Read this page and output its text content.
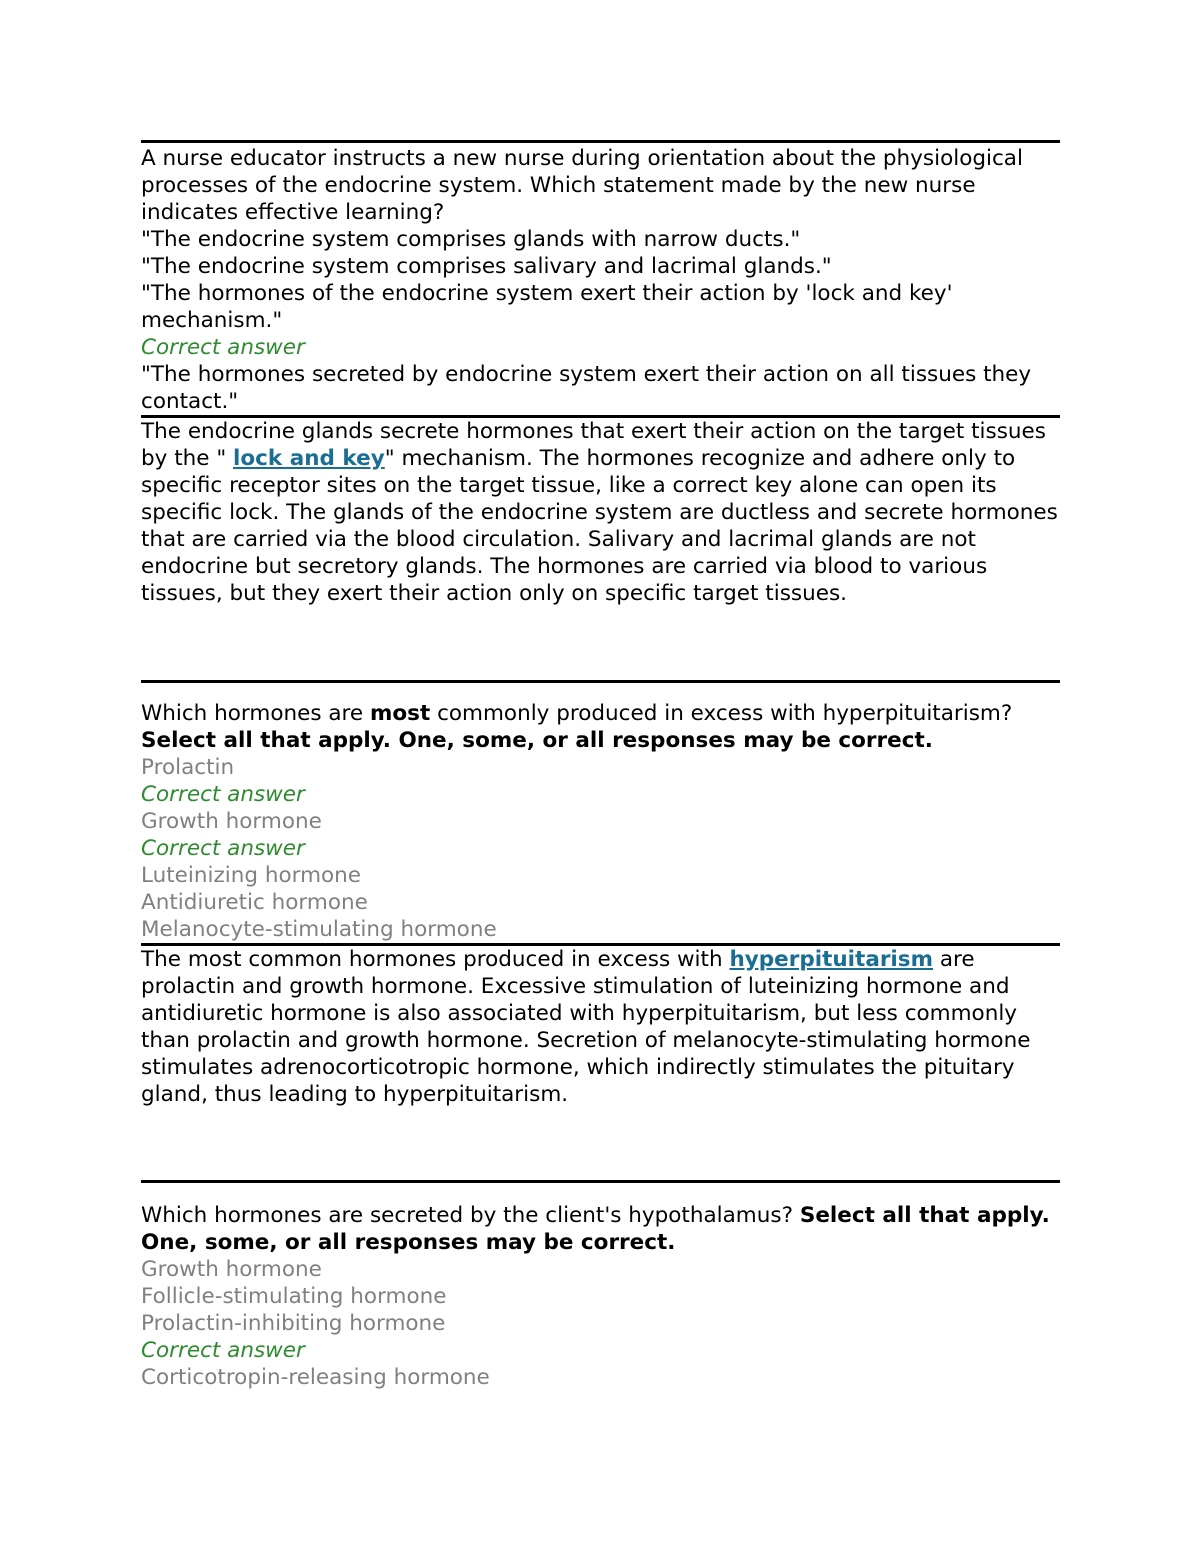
A nurse educator instructs a new nurse during orientation about the physiological processes of the endocrine system. Which statement made by the new nurse indicates effective learning?

"The endocrine system comprises glands with narrow ducts."

"The endocrine system comprises salivary and lacrimal glands."

"The hormones of the endocrine system exert their action by 'lock and key' mechanism."

Correct answer

"The hormones secreted by endocrine system exert their action on all tissues they contact."

The endocrine glands secrete hormones that exert their action on the target tissues by the " lock and key" mechanism. The hormones recognize and adhere only to specific receptor sites on the target tissue, like a correct key alone can open its specific lock. The glands of the endocrine system are ductless and secrete hormones that are carried via the blood circulation. Salivary and lacrimal glands are not endocrine but secretory glands. The hormones are carried via blood to various tissues, but they exert their action only on specific target tissues.

Which hormones are most commonly produced in excess with hyperpituitarism? Select all that apply. One, some, or all responses may be correct.

Prolactin

Correct answer

Growth hormone

Correct answer

Luteinizing hormone

Antidiuretic hormone

Melanocyte-stimulating hormone

The most common hormones produced in excess with hyperpituitarism are prolactin and growth hormone. Excessive stimulation of luteinizing hormone and antidiuretic hormone is also associated with hyperpituitarism, but less commonly than prolactin and growth hormone. Secretion of melanocyte-stimulating hormone stimulates adrenocorticotropic hormone, which indirectly stimulates the pituitary gland, thus leading to hyperpituitarism.

Which hormones are secreted by the client's hypothalamus? Select all that apply. One, some, or all responses may be correct.

Growth hormone

Follicle-stimulating hormone

Prolactin-inhibiting hormone

Correct answer

Corticotropin-releasing hormone
